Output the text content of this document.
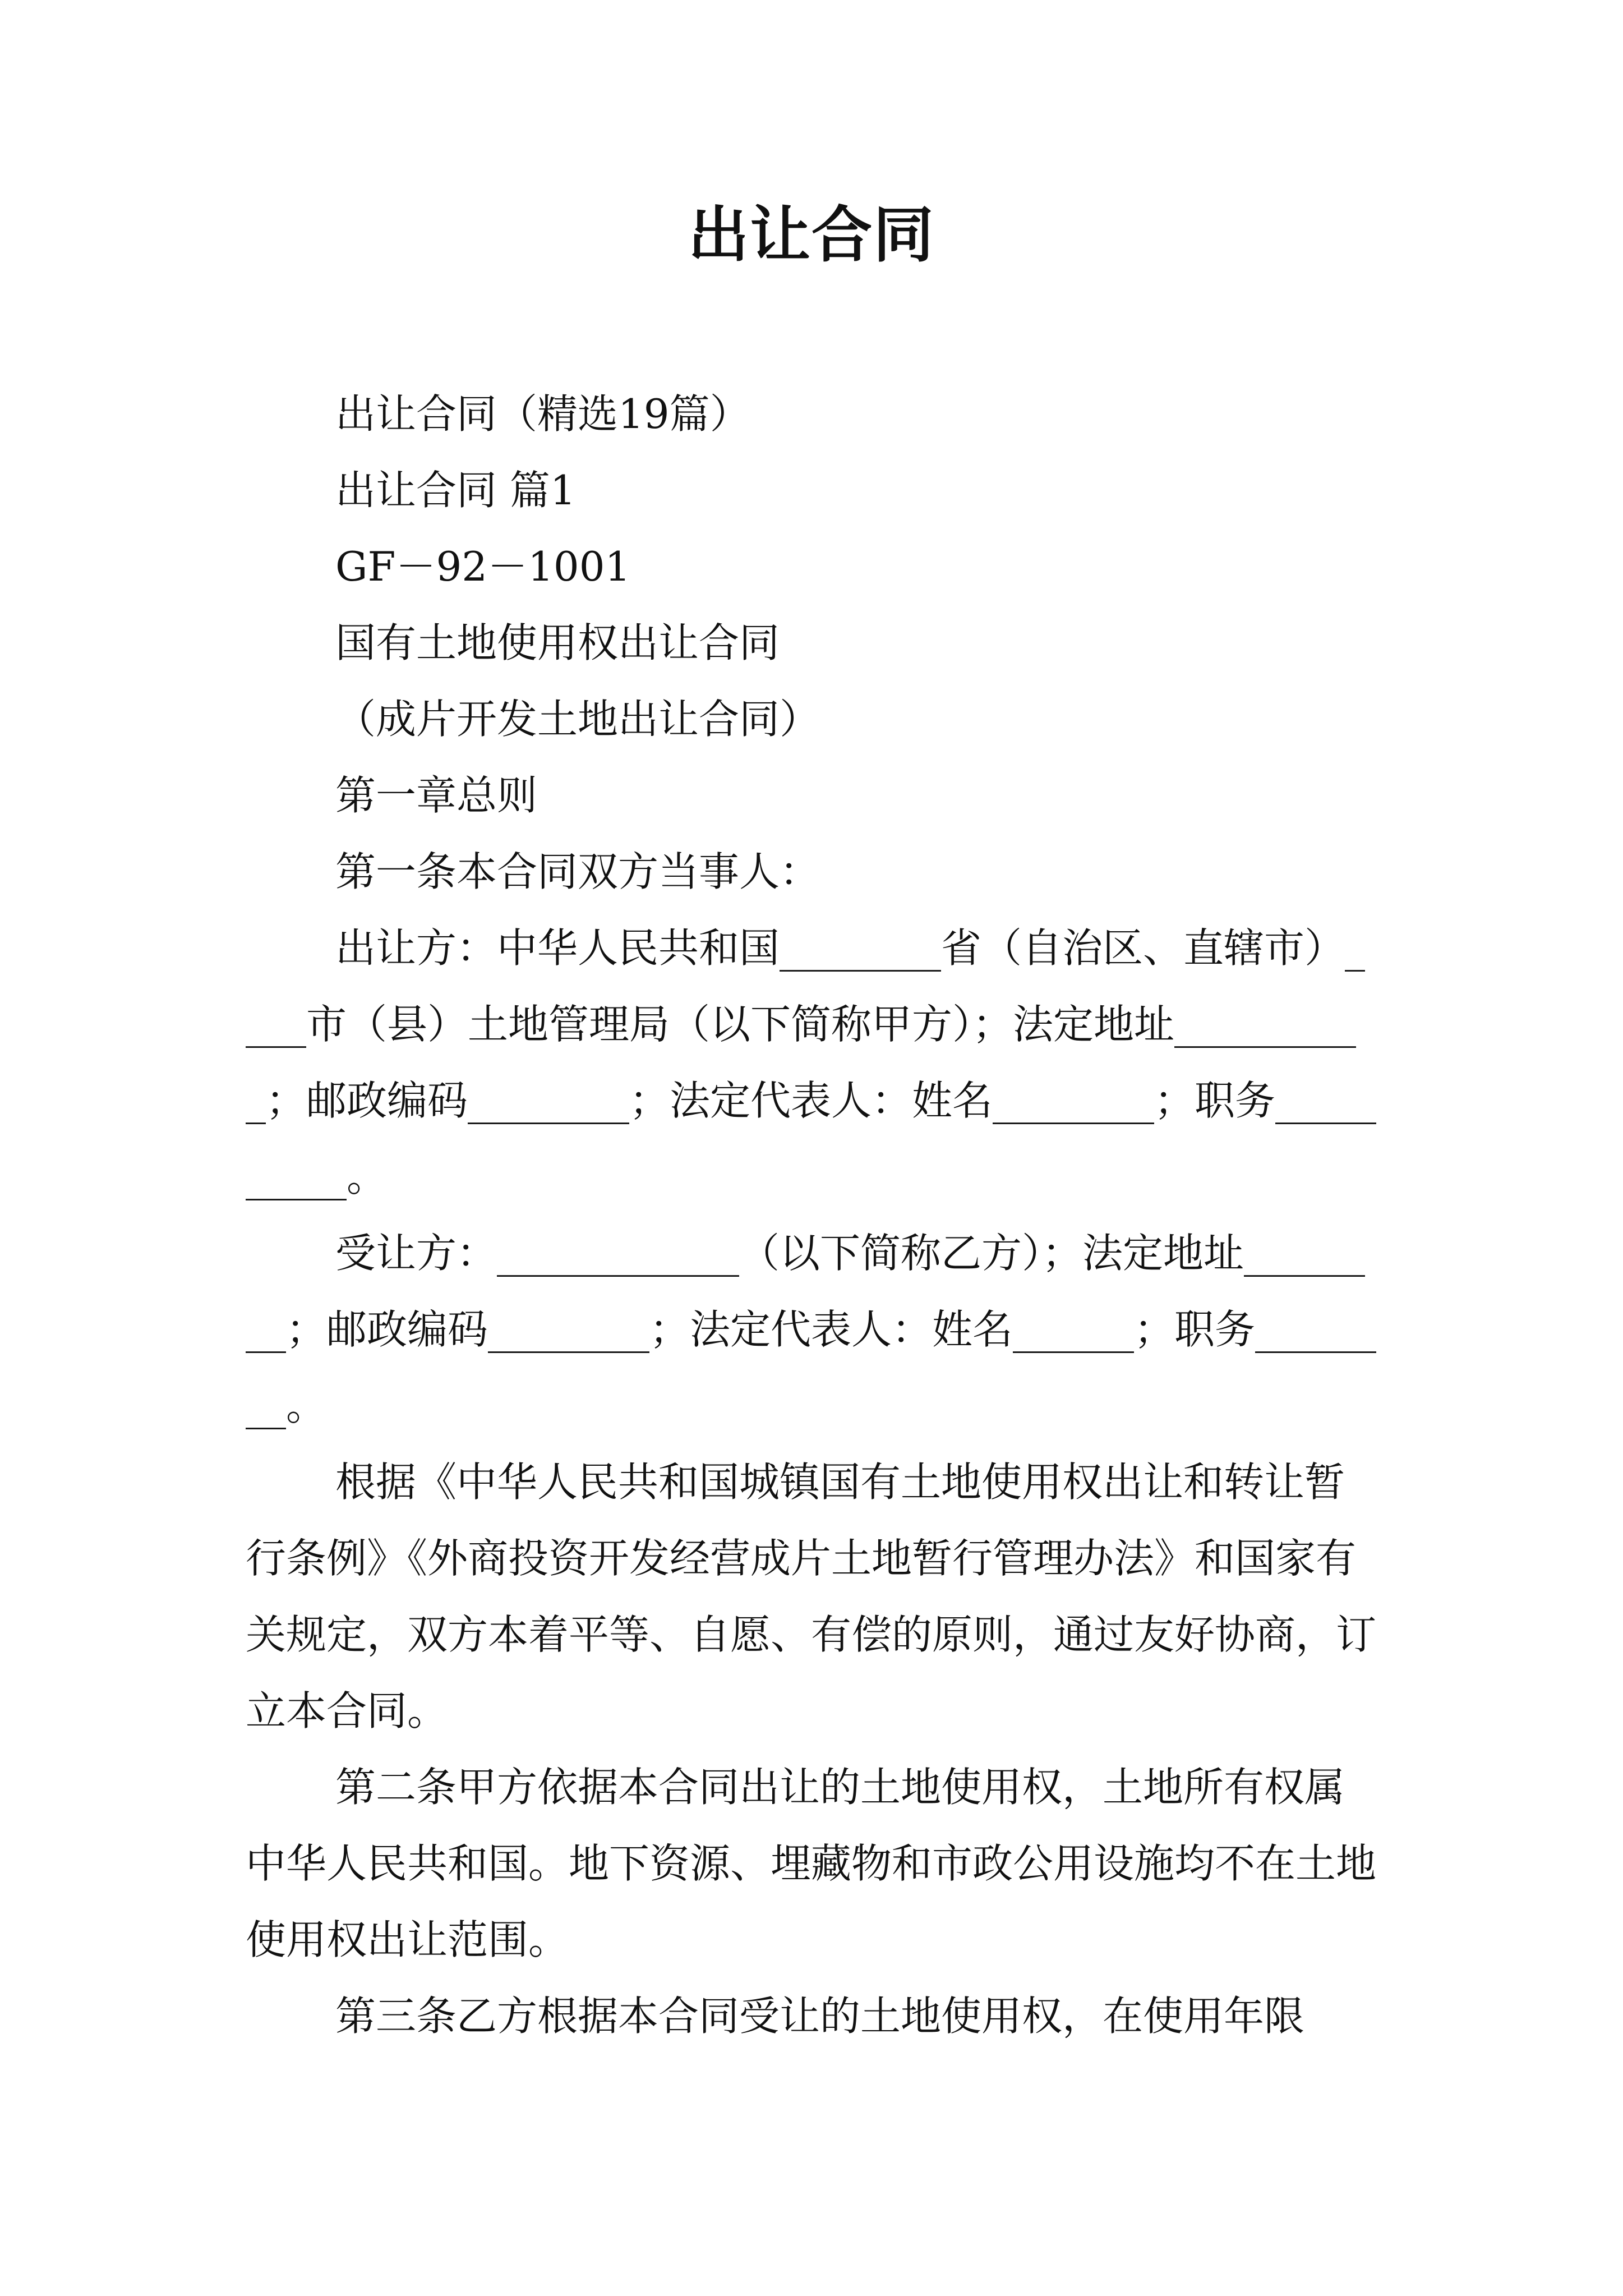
出让合同

出让合同（精选19篇）

出让合同 篇1

GF－92－1001

国有土地使用权出让合同

（成片开发土地出让合同）

第一章总则

第一条本合同双方当事人：

出让方：中华人民共和国________省（自治区、直辖市）____市（县）土地管理局（以下简称甲方）；法定地址__________；邮政编码________；法定代表人：姓名________；职务__________。

受让方：____________（以下简称乙方）；法定地址________；邮政编码________；法定代表人：姓名______；职务________。

根据《中华人民共和国城镇国有土地使用权出让和转让暂行条例》《外商投资开发经营成片土地暂行管理办法》和国家有关规定，双方本着平等、自愿、有偿的原则，通过友好协商，订立本合同。

第二条甲方依据本合同出让的土地使用权，土地所有权属中华人民共和国。地下资源、埋藏物和市政公用设施均不在土地使用权出让范围。

第三条乙方根据本合同受让的土地使用权，在使用年限
